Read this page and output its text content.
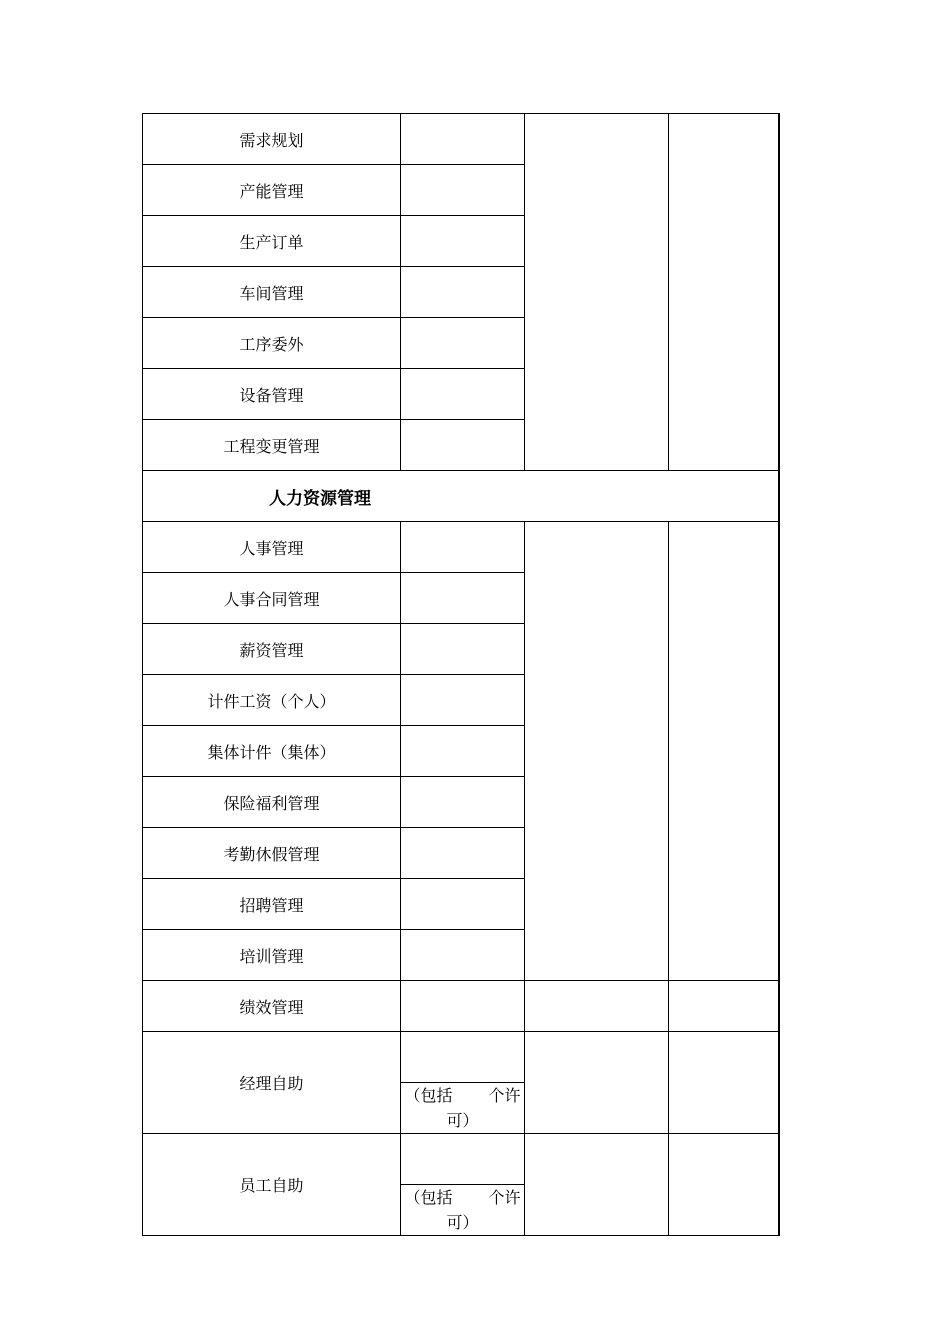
需求规划			
产能管理			
生产订单			
车间管理			
工序委外			
设备管理			
工程变更管理			
人力资源管理			
人事管理			
人事合同管理			
薪资管理			
计件工资（个人）			
集体计件（集体）			
保险福利管理			
考勤休假管理			
招聘管理			
培训管理			
绩效管理			
经理自助			
	（包括 个许
可）		
员工自助			
	（包括 个许
可）		
